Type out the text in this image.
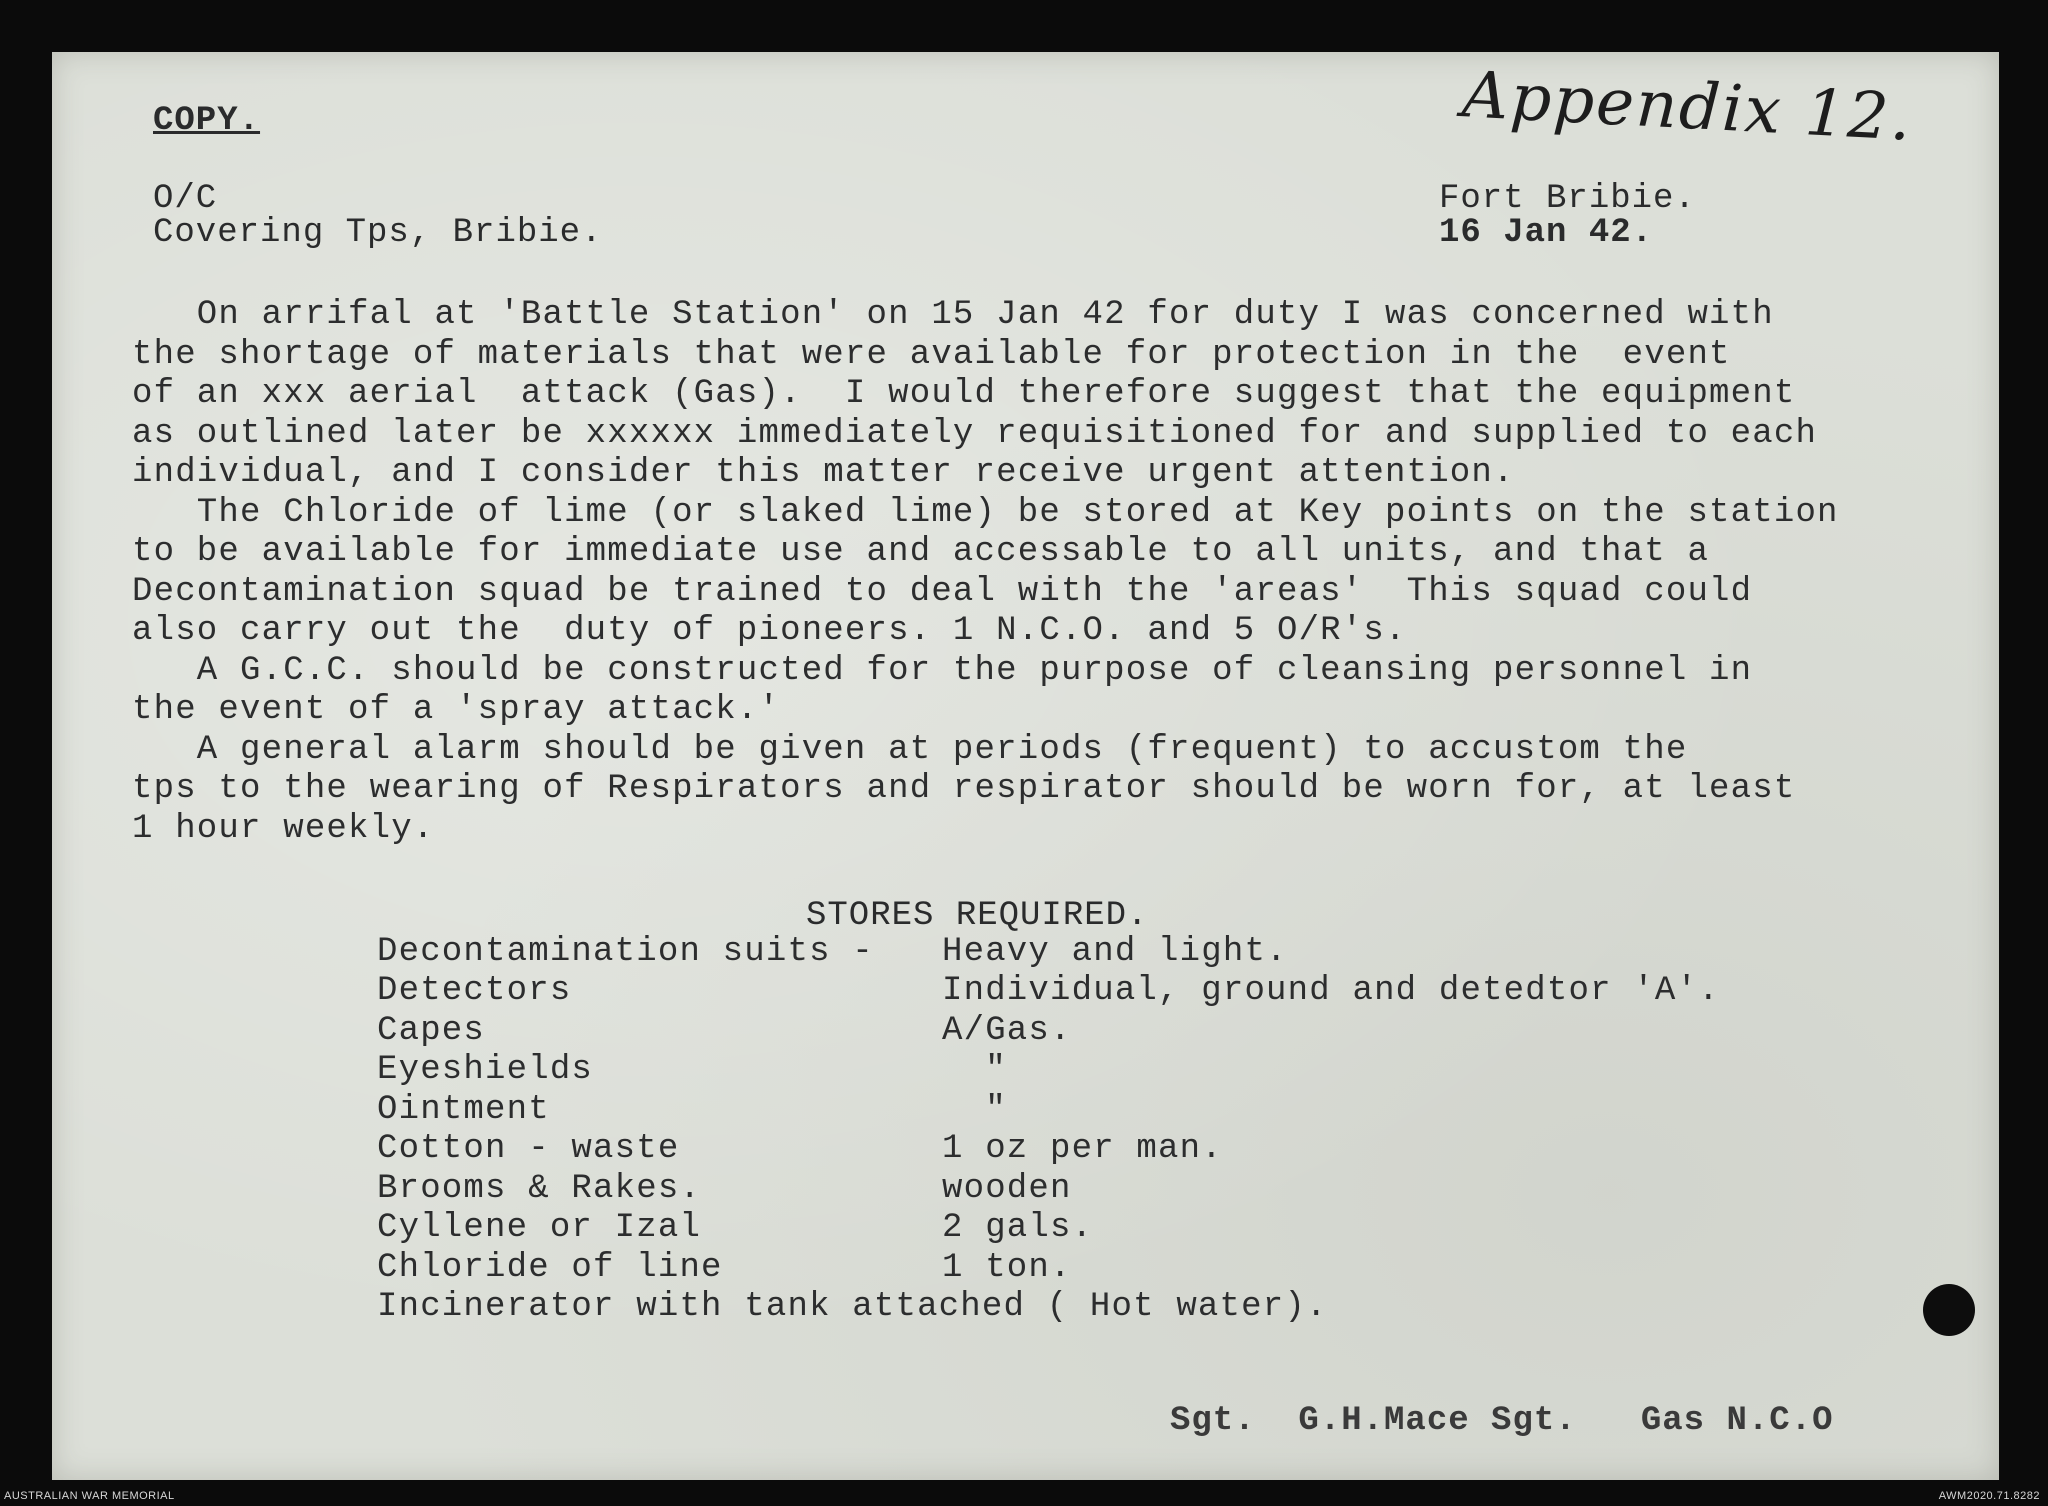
Appendix 12.
COPY.
O/C
Covering Tps, Bribie.
Fort Bribie.
16 Jan 42.

On arrifal at 'Battle Station' on 15 Jan 42 for duty I was concerned with
the shortage of materials that were available for protection in the  event
of an xxx aerial  attack (Gas).  I would therefore suggest that the equipment
as outlined later be xxxxxx immediately requisitioned for and supplied to each
individual, and I consider this matter receive urgent attention.

The Chloride of lime (or slaked lime) be stored at Key points on the station
to be available for immediate use and accessable to all units, and that a
Decontamination squad be trained to deal with the 'areas'  This squad could
also carry out the  duty of pioneers. 1 N.C.O. and 5 O/R's.

A G.C.C. should be constructed for the purpose of cleansing personnel in
the event of a 'spray attack.'

A general alarm should be given at periods (frequent) to accustom the
tps to the wearing of Respirators and respirator should be worn for, at least
1 hour weekly.

STORES REQUIRED.
Decontamination suits -	Heavy and light.
Detectors	Individual, ground and detedtor 'A'.
Capes	A/Gas.
Eyeshields	"
Ointment	"
Cotton - waste	1 oz per man.
Brooms & Rakes.	wooden
Cyllene or Izal	2 gals.
Chloride of line	1 ton.
Incinerator with tank attached ( Hot water).
Sgt.  G.H.Mace Sgt.   Gas N.C.O
AUSTRALIAN WAR MEMORIAL	AWM2020.71.8282
